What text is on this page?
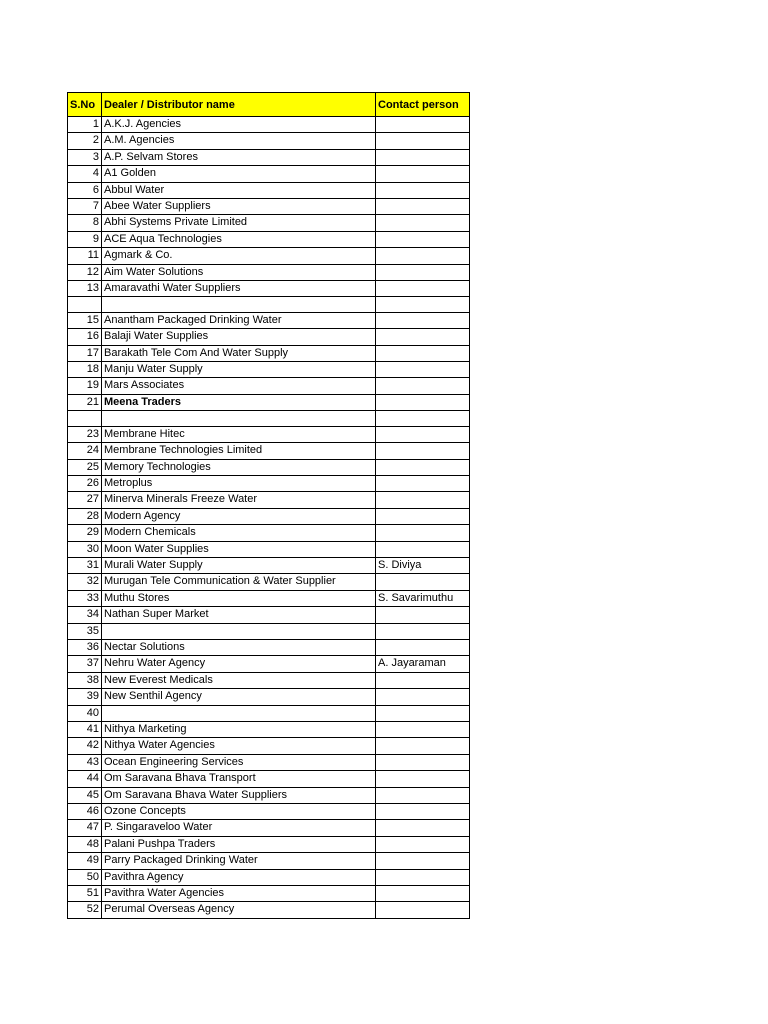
S.No	Dealer / Distributor name	Contact person
1	A.K.J. Agencies	
2	A.M. Agencies	
3	A.P. Selvam Stores	
4	A1 Golden	
6	Abbul Water	
7	Abee Water Suppliers	
8	Abhi Systems Private Limited	
9	ACE Aqua Technologies	
11	Agmark & Co.	
12	Aim Water Solutions	
13	Amaravathi Water Suppliers	

15	Anantham Packaged Drinking Water	
16	Balaji Water Supplies	
17	Barakath Tele Com And Water Supply	
18	Manju Water Supply	
19	Mars Associates	
21	Meena Traders	

23	Membrane Hitec	
24	Membrane Technologies Limited	
25	Memory Technologies	
26	Metroplus	
27	Minerva Minerals Freeze Water	
28	Modern Agency	
29	Modern Chemicals	
30	Moon Water Supplies	
31	Murali Water Supply	S. Diviya
32	Murugan Tele Communication & Water Supplier	
33	Muthu Stores	S. Savarimuthu
34	Nathan Super Market	
35		
36	Nectar Solutions	
37	Nehru Water Agency	A. Jayaraman
38	New Everest Medicals	
39	New Senthil Agency	
40		
41	Nithya Marketing	
42	Nithya Water Agencies	
43	Ocean Engineering Services	
44	Om Saravana Bhava Transport	
45	Om Saravana Bhava Water Suppliers	
46	Ozone Concepts	
47	P. Singaraveloo Water	
48	Palani Pushpa Traders	
49	Parry Packaged Drinking Water	
50	Pavithra Agency	
51	Pavithra Water Agencies	
52	Perumal Overseas Agency	
